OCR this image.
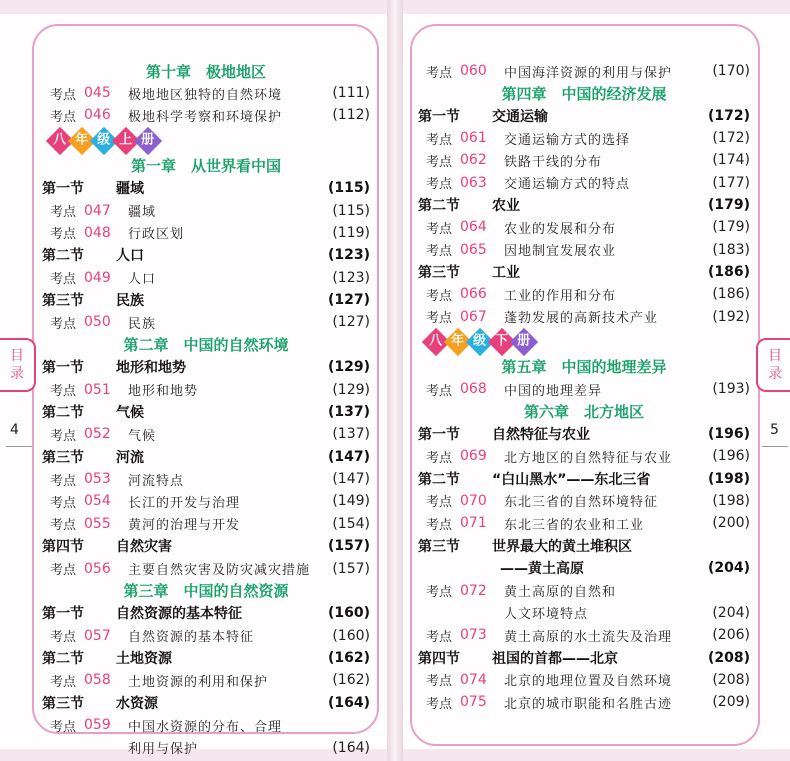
目
录
目
录
4	5
第十章　极地地区
考点 045	极地地区独特的自然环境	(111)
考点 046	极地科学考察和环境保护	(112)
八 年 级 上 册
第一章　从世界看中国
第一节	疆域	(115)
考点 047	疆域	(115)
考点 048	行政区划	(119)
第二节	人口	(123)
考点 049	人口	(123)
第三节	民族	(127)
考点 050	民族	(127)
第二章　中国的自然环境
第一节	地形和地势	(129)
考点 051	地形和地势	(129)
第二节	气候	(137)
考点 052	气候	(137)
第三节	河流	(147)
考点 053	河流特点	(147)
考点 054	长江的开发与治理	(149)
考点 055	黄河的治理与开发	(154)
第四节	自然灾害	(157)
考点 056	主要自然灾害及防灾减灾措施	(157)
第三章　中国的自然资源
第一节	自然资源的基本特征	(160)
考点 057	自然资源的基本特征	(160)
第二节	土地资源	(162)
考点 058	土地资源的利用和保护	(162)
第三节	水资源	(164)
考点 059	中国水资源的分布、合理
利用与保护	(164)
考点 060	中国海洋资源的利用与保护	(170)
第四章　中国的经济发展
第一节	交通运输	(172)
考点 061	交通运输方式的选择	(172)
考点 062	铁路干线的分布	(174)
考点 063	交通运输方式的特点	(177)
第二节	农业	(179)
考点 064	农业的发展和分布	(179)
考点 065	因地制宜发展农业	(183)
第三节	工业	(186)
考点 066	工业的作用和分布	(186)
考点 067	蓬勃发展的高新技术产业	(192)
八 年 级 下 册
第五章　中国的地理差异
考点 068	中国的地理差异	(193)
第六章　北方地区
第一节	自然特征与农业	(196)
考点 069	北方地区的自然特征与农业	(196)
第二节	“白山黑水”——东北三省	(198)
考点 070	东北三省的自然环境特征	(198)
考点 071	东北三省的农业和工业	(200)
第三节	世界最大的黄土堆积区
——黄土高原	(204)
考点 072	黄土高原的自然和
人文环境特点	(204)
考点 073	黄土高原的水土流失及治理	(206)
第四节	祖国的首都——北京	(208)
考点 074	北京的地理位置及自然环境	(208)
考点 075	北京的城市职能和名胜古迹	(209)
